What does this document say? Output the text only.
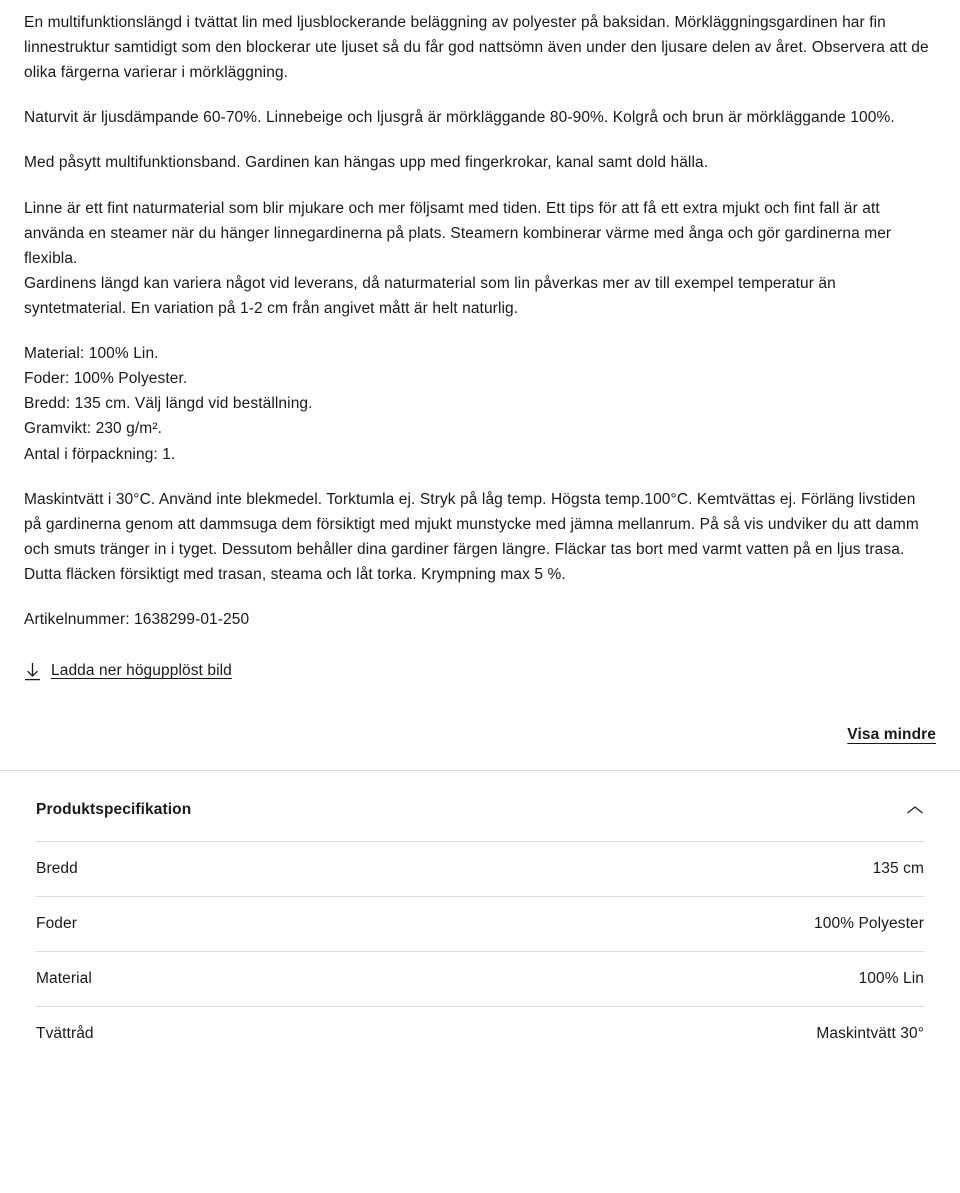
En multifunktionslängd i tvättat lin med ljusblockerande beläggning av polyester på baksidan. Mörkläggningsgardinen har fin linnestruktur samtidigt som den blockerar ute ljuset så du får god nattsömn även under den ljusare delen av året. Observera att de olika färgerna varierar i mörkläggning.

Naturvit är ljusdämpande 60-70%. Linnebeige och ljusgrå är mörkläggande 80-90%. Kolgrå och brun är mörkläggande 100%.

Med påsytt multifunktionsband. Gardinen kan hängas upp med fingerkrokar, kanal samt dold hälla.

Linne är ett fint naturmaterial som blir mjukare och mer följsamt med tiden. Ett tips för att få ett extra mjukt och fint fall är att använda en steamer när du hänger linnegardinerna på plats. Steamern kombinerar värme med ånga och gör gardinerna mer flexibla.

Gardinens längd kan variera något vid leverans, då naturmaterial som lin påverkas mer av till exempel temperatur än syntetmaterial. En variation på 1-2 cm från angivet mått är helt naturlig.

Material: 100% Lin.
Foder: 100% Polyester.
Bredd: 135 cm. Välj längd vid beställning.
Gramvikt: 230 g/m².
Antal i förpackning: 1.

Maskintvätt i 30°C. Använd inte blekmedel. Torktumla ej. Stryk på låg temp. Högsta temp.100°C. Kemtvättas ej. Förläng livstiden på gardinerna genom att dammsuga dem försiktigt med mjukt munstycke med jämna mellanrum. På så vis undviker du att damm och smuts tränger in i tyget. Dessutom behåller dina gardiner färgen längre. Fläckar tas bort med varmt vatten på en ljus trasa. Dutta fläcken försiktigt med trasan, steama och låt torka. Krympning max 5 %.

Artikelnummer: 1638299-01-250
Ladda ner högupplöst bild
Visa mindre
Produktspecifikation
Bredd	135 cm
Foder	100% Polyester
Material	100% Lin
Tvättråd	Maskintvätt 30°
